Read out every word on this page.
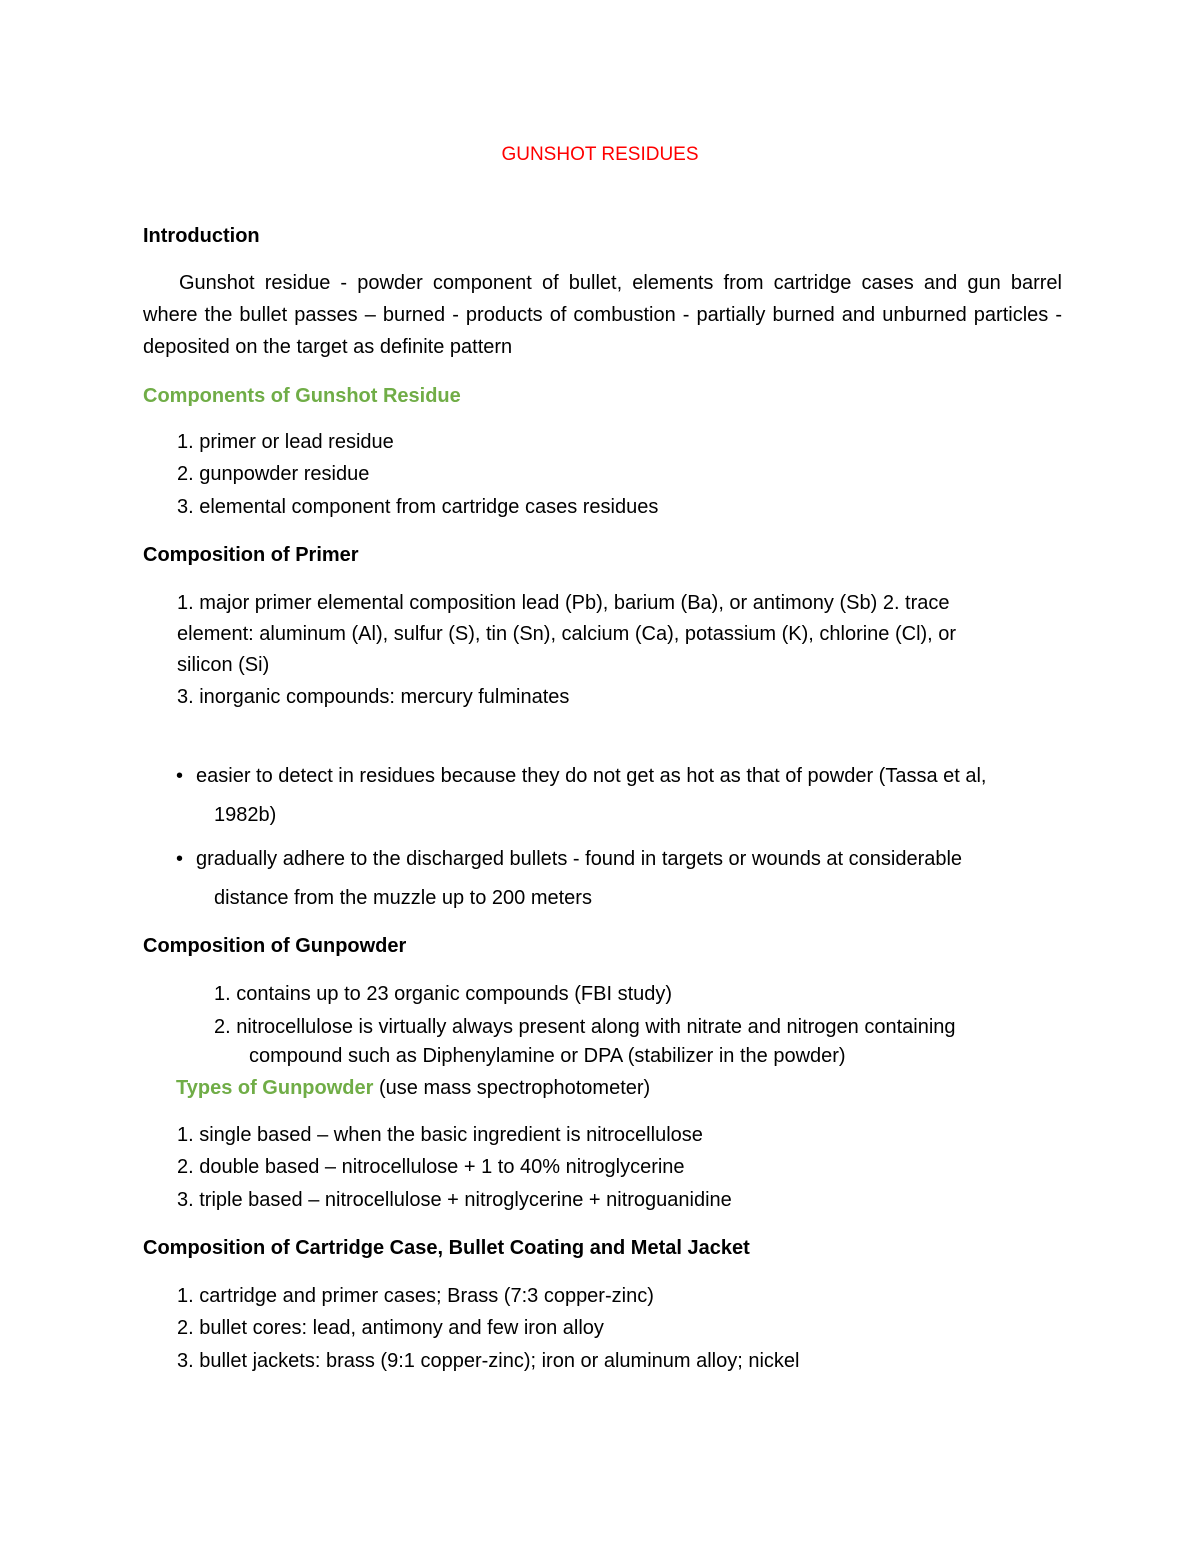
GUNSHOT RESIDUES
Introduction
Gunshot residue - powder component of bullet, elements from cartridge cases and gun barrel where the bullet passes – burned - products of combustion - partially burned and unburned particles - deposited on the target as definite pattern
Components of Gunshot Residue
1. primer or lead residue
2. gunpowder residue
3. elemental component from cartridge cases residues
Composition of Primer
1. major primer elemental composition lead (Pb), barium (Ba), or antimony (Sb) 2. trace
element: aluminum (Al), sulfur (S), tin (Sn), calcium (Ca), potassium (K), chlorine (Cl), or
silicon (Si)
3. inorganic compounds: mercury fulminates
• easier to detect in residues because they do not get as hot as that of powder (Tassa et al,
1982b)
• gradually adhere to the discharged bullets - found in targets or wounds at considerable
distance from the muzzle up to 200 meters
Composition of Gunpowder
1. contains up to 23 organic compounds (FBI study)
2. nitrocellulose is virtually always present along with nitrate and nitrogen containing
compound such as Diphenylamine or DPA (stabilizer in the powder)
Types of Gunpowder (use mass spectrophotometer)
1. single based – when the basic ingredient is nitrocellulose
2. double based – nitrocellulose + 1 to 40% nitroglycerine
3. triple based – nitrocellulose + nitroglycerine + nitroguanidine
Composition of Cartridge Case, Bullet Coating and Metal Jacket
1. cartridge and primer cases; Brass (7:3 copper-zinc)
2. bullet cores: lead, antimony and few iron alloy
3. bullet jackets: brass (9:1 copper-zinc); iron or aluminum alloy; nickel
